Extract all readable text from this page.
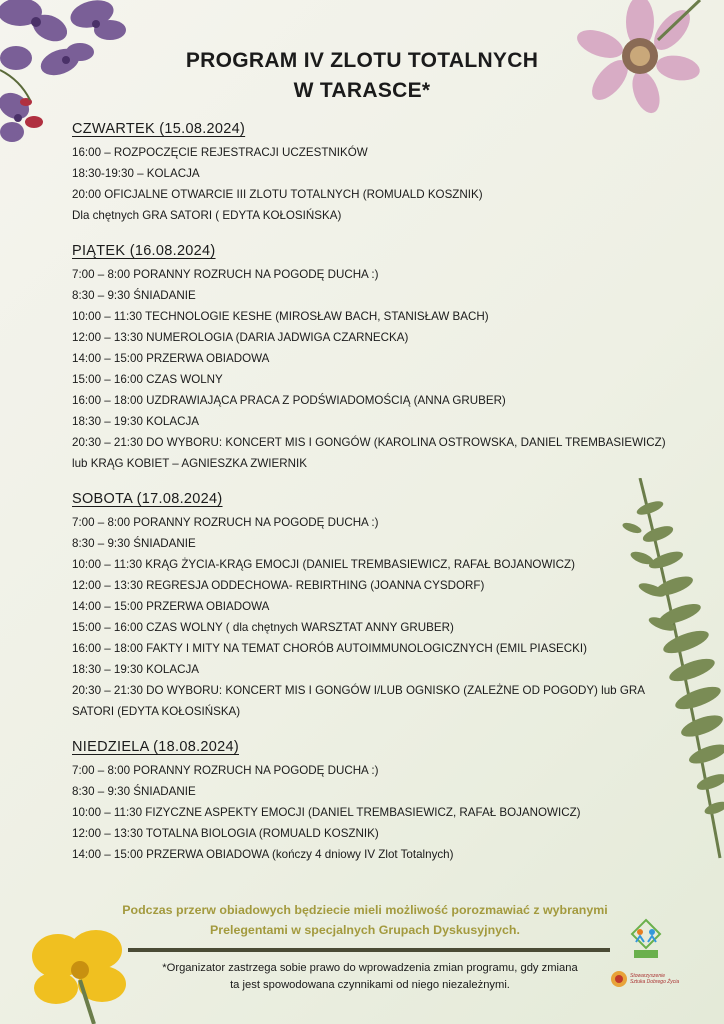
PROGRAM IV ZLOTU TOTALNYCH
W TARASCE*
CZWARTEK (15.08.2024)
16:00 – ROZPOCZĘCIE REJESTRACJI UCZESTNIKÓW
18:30-19:30 – KOLACJA
20:00 OFICJALNE OTWARCIE III ZLOTU TOTALNYCH (ROMUALD KOSZNIK)
Dla chętnych GRA SATORI ( EDYTA KOŁOSIŃSKA)
PIĄTEK (16.08.2024)
7:00 – 8:00 PORANNY ROZRUCH NA POGODĘ DUCHA :)
8:30 – 9:30 ŚNIADANIE
10:00 – 11:30 TECHNOLOGIE KESHE (MIROSŁAW BACH, STANISŁAW BACH)
12:00 – 13:30 NUMEROLOGIA (DARIA JADWIGA CZARNECKA)
14:00 – 15:00 PRZERWA OBIADOWA
15:00 – 16:00 CZAS WOLNY
16:00 – 18:00 UZDRAWIAJĄCA PRACA Z PODŚWIADOMOŚCIĄ (ANNA GRUBER)
18:30 – 19:30 KOLACJA
20:30 – 21:30 DO WYBORU: KONCERT MIS I GONGÓW (KAROLINA OSTROWSKA, DANIEL TREMBASIEWICZ)
lub KRĄG KOBIET – AGNIESZKA ZWIERNIK
SOBOTA (17.08.2024)
7:00 – 8:00 PORANNY ROZRUCH NA POGODĘ DUCHA :)
8:30 – 9:30 ŚNIADANIE
10:00 – 11:30 KRĄG ŻYCIA-KRĄG EMOCJI (DANIEL TREMBASIEWICZ, RAFAŁ BOJANOWICZ)
12:00 – 13:30 REGRESJA ODDECHOWA- REBIRTHING (JOANNA CYSDORF)
14:00 – 15:00 PRZERWA OBIADOWA
15:00 – 16:00 CZAS WOLNY ( dla chętnych WARSZTAT ANNY GRUBER)
16:00 – 18:00 FAKTY I MITY NA TEMAT CHORÓB AUTOIMMUNOLOGICZNYCH (EMIL PIASECKI)
18:30 – 19:30 KOLACJA
20:30 – 21:30 DO WYBORU: KONCERT MIS I GONGÓW I/LUB OGNISKO (ZALEŻNE OD POGODY) lub GRA
SATORI (EDYTA KOŁOSIŃSKA)
NIEDZIELA (18.08.2024)
7:00 – 8:00 PORANNY ROZRUCH NA POGODĘ DUCHA :)
8:30 – 9:30 ŚNIADANIE
10:00 – 11:30 FIZYCZNE ASPEKTY EMOCJI (DANIEL TREMBASIEWICZ, RAFAŁ BOJANOWICZ)
12:00 – 13:30 TOTALNA BIOLOGIA (ROMUALD KOSZNIK)
14:00 – 15:00 PRZERWA OBIADOWA (kończy 4 dniowy IV Zlot Totalnych)
Podczas przerw obiadowych będziecie mieli możliwość porozmawiać z wybranymi
Prelegentami w specjalnych Grupach Dyskusyjnych.
*Organizator zastrzega sobie prawo do wprowadzenia zmian programu, gdy zmiana
ta jest spowodowana czynnikami od niego niezależnymi.
Stowarzyszenie
Sztuka Dobrego Życia
